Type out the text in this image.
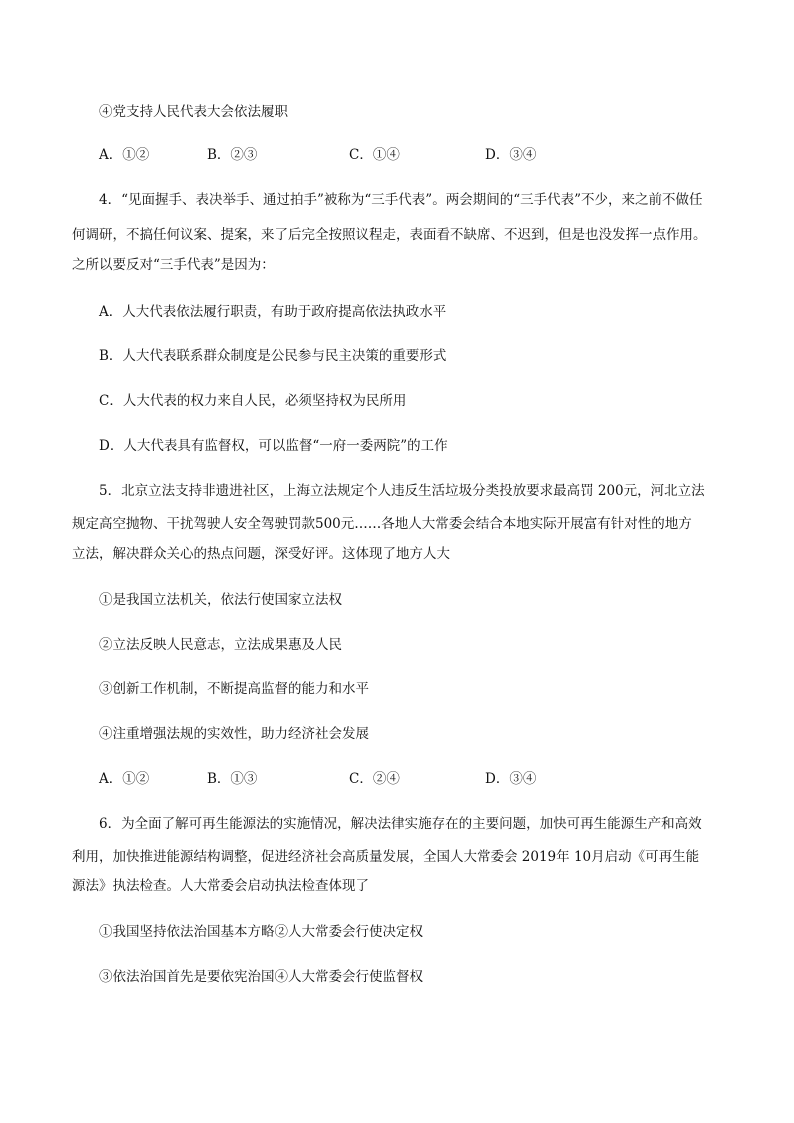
④党支持人民代表大会依法履职
A．①②	B．②③	C．①④	D．③④
4．“见面握手、表决举手、通过拍手”被称为“三手代表”。两会期间的“三手代表”不少，来之前不做任
何调研，不搞任何议案、提案，来了后完全按照议程走，表面看不缺席、不迟到，但是也没发挥一点作用。
之所以要反对“三手代表”是因为：
A．人大代表依法履行职责，有助于政府提高依法执政水平
B．人大代表联系群众制度是公民参与民主决策的重要形式
C．人大代表的权力来自人民，必须坚持权为民所用
D．人大代表具有监督权，可以监督“一府一委两院”的工作
5．北京立法支持非遗进社区，上海立法规定个人违反生活垃圾分类投放要求最高罚 200元，河北立法
规定高空抛物、干扰驾驶人安全驾驶罚款500元……各地人大常委会结合本地实际开展富有针对性的地方
立法，解决群众关心的热点问题，深受好评。这体现了地方人大
①是我国立法机关，依法行使国家立法权
②立法反映人民意志，立法成果惠及人民
③创新工作机制，不断提高监督的能力和水平
④注重增强法规的实效性，助力经济社会发展
A．①②	B．①③	C．②④	D．③④
6．为全面了解可再生能源法的实施情况，解决法律实施存在的主要问题，加快可再生能源生产和高效
利用，加快推进能源结构调整，促进经济社会高质量发展，全国人大常委会 2019年 10月启动《可再生能
源法》执法检查。人大常委会启动执法检查体现了
①我国坚持依法治国基本方略②人大常委会行使决定权
③依法治国首先是要依宪治国④人大常委会行使监督权
